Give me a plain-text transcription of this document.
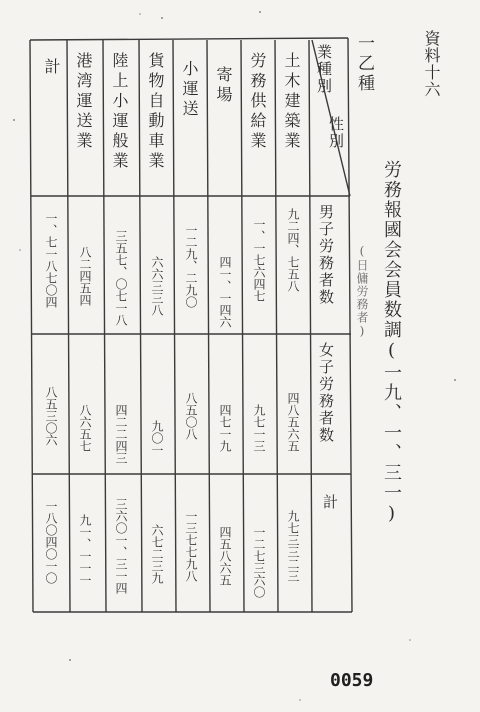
資料十六
労務報國会会員数調(一九、一、三一)
(日傭労務者)
一乙種
業種別
性別
土木建築業
労務供給業
寄場
小運送
貨物自動車業
陸上小運般業
港湾運送業
計
男子労務者数
女子労務者数
計
九二四、七五八
一、一七六四七
四一、一四六
一二九、二九〇
六六三三八
三五七、〇七一八
八二四五四
一、七一八七〇四
四八五六五
九七一三
四七一九
八五〇八
九〇一
四二二四三
八六五七
八五三〇六
九七三三二三
一二七三六〇
四五八六五
一三七七九八
六七二三九
三六〇一、三一四
九一、一一一
一八〇四〇一〇
0059
